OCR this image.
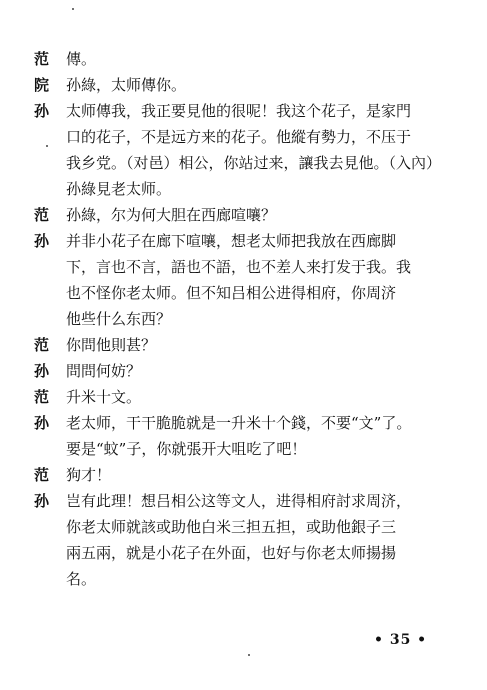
范	傳。
院	孙綠，太师傳你。
孙	太师傳我，我正要見他的很呢！我这个花子，是家門
口的花子，不是远方来的花子。他縱有勢力，不压于
我乡党。（对邑）相公，你站过来，讓我去見他。（入內）
孙綠見老太师。
范	孙綠，尔为何大胆在西廊喧嚷？
孙	并非小花子在廊下喧嚷，想老太师把我放在西廊脚
下，言也不言，語也不語，也不差人来打发于我。我
也不怪你老太师。但不知吕相公进得相府，你周济
他些什么东西？
范	你問他則甚？
孙	問問何妨？
范	升米十文。
孙	老太师，干干脆脆就是一升米十个錢，不要“文”了。
要是“蚊”子，你就張开大咀吃了吧！
范	狗才！
孙	岂有此理！想吕相公这等文人，进得相府討求周济，
你老太师就該或助他白米三担五担，或助他銀子三
兩五兩，就是小花子在外面，也好与你老太师揚揚
名。
• 35 •
